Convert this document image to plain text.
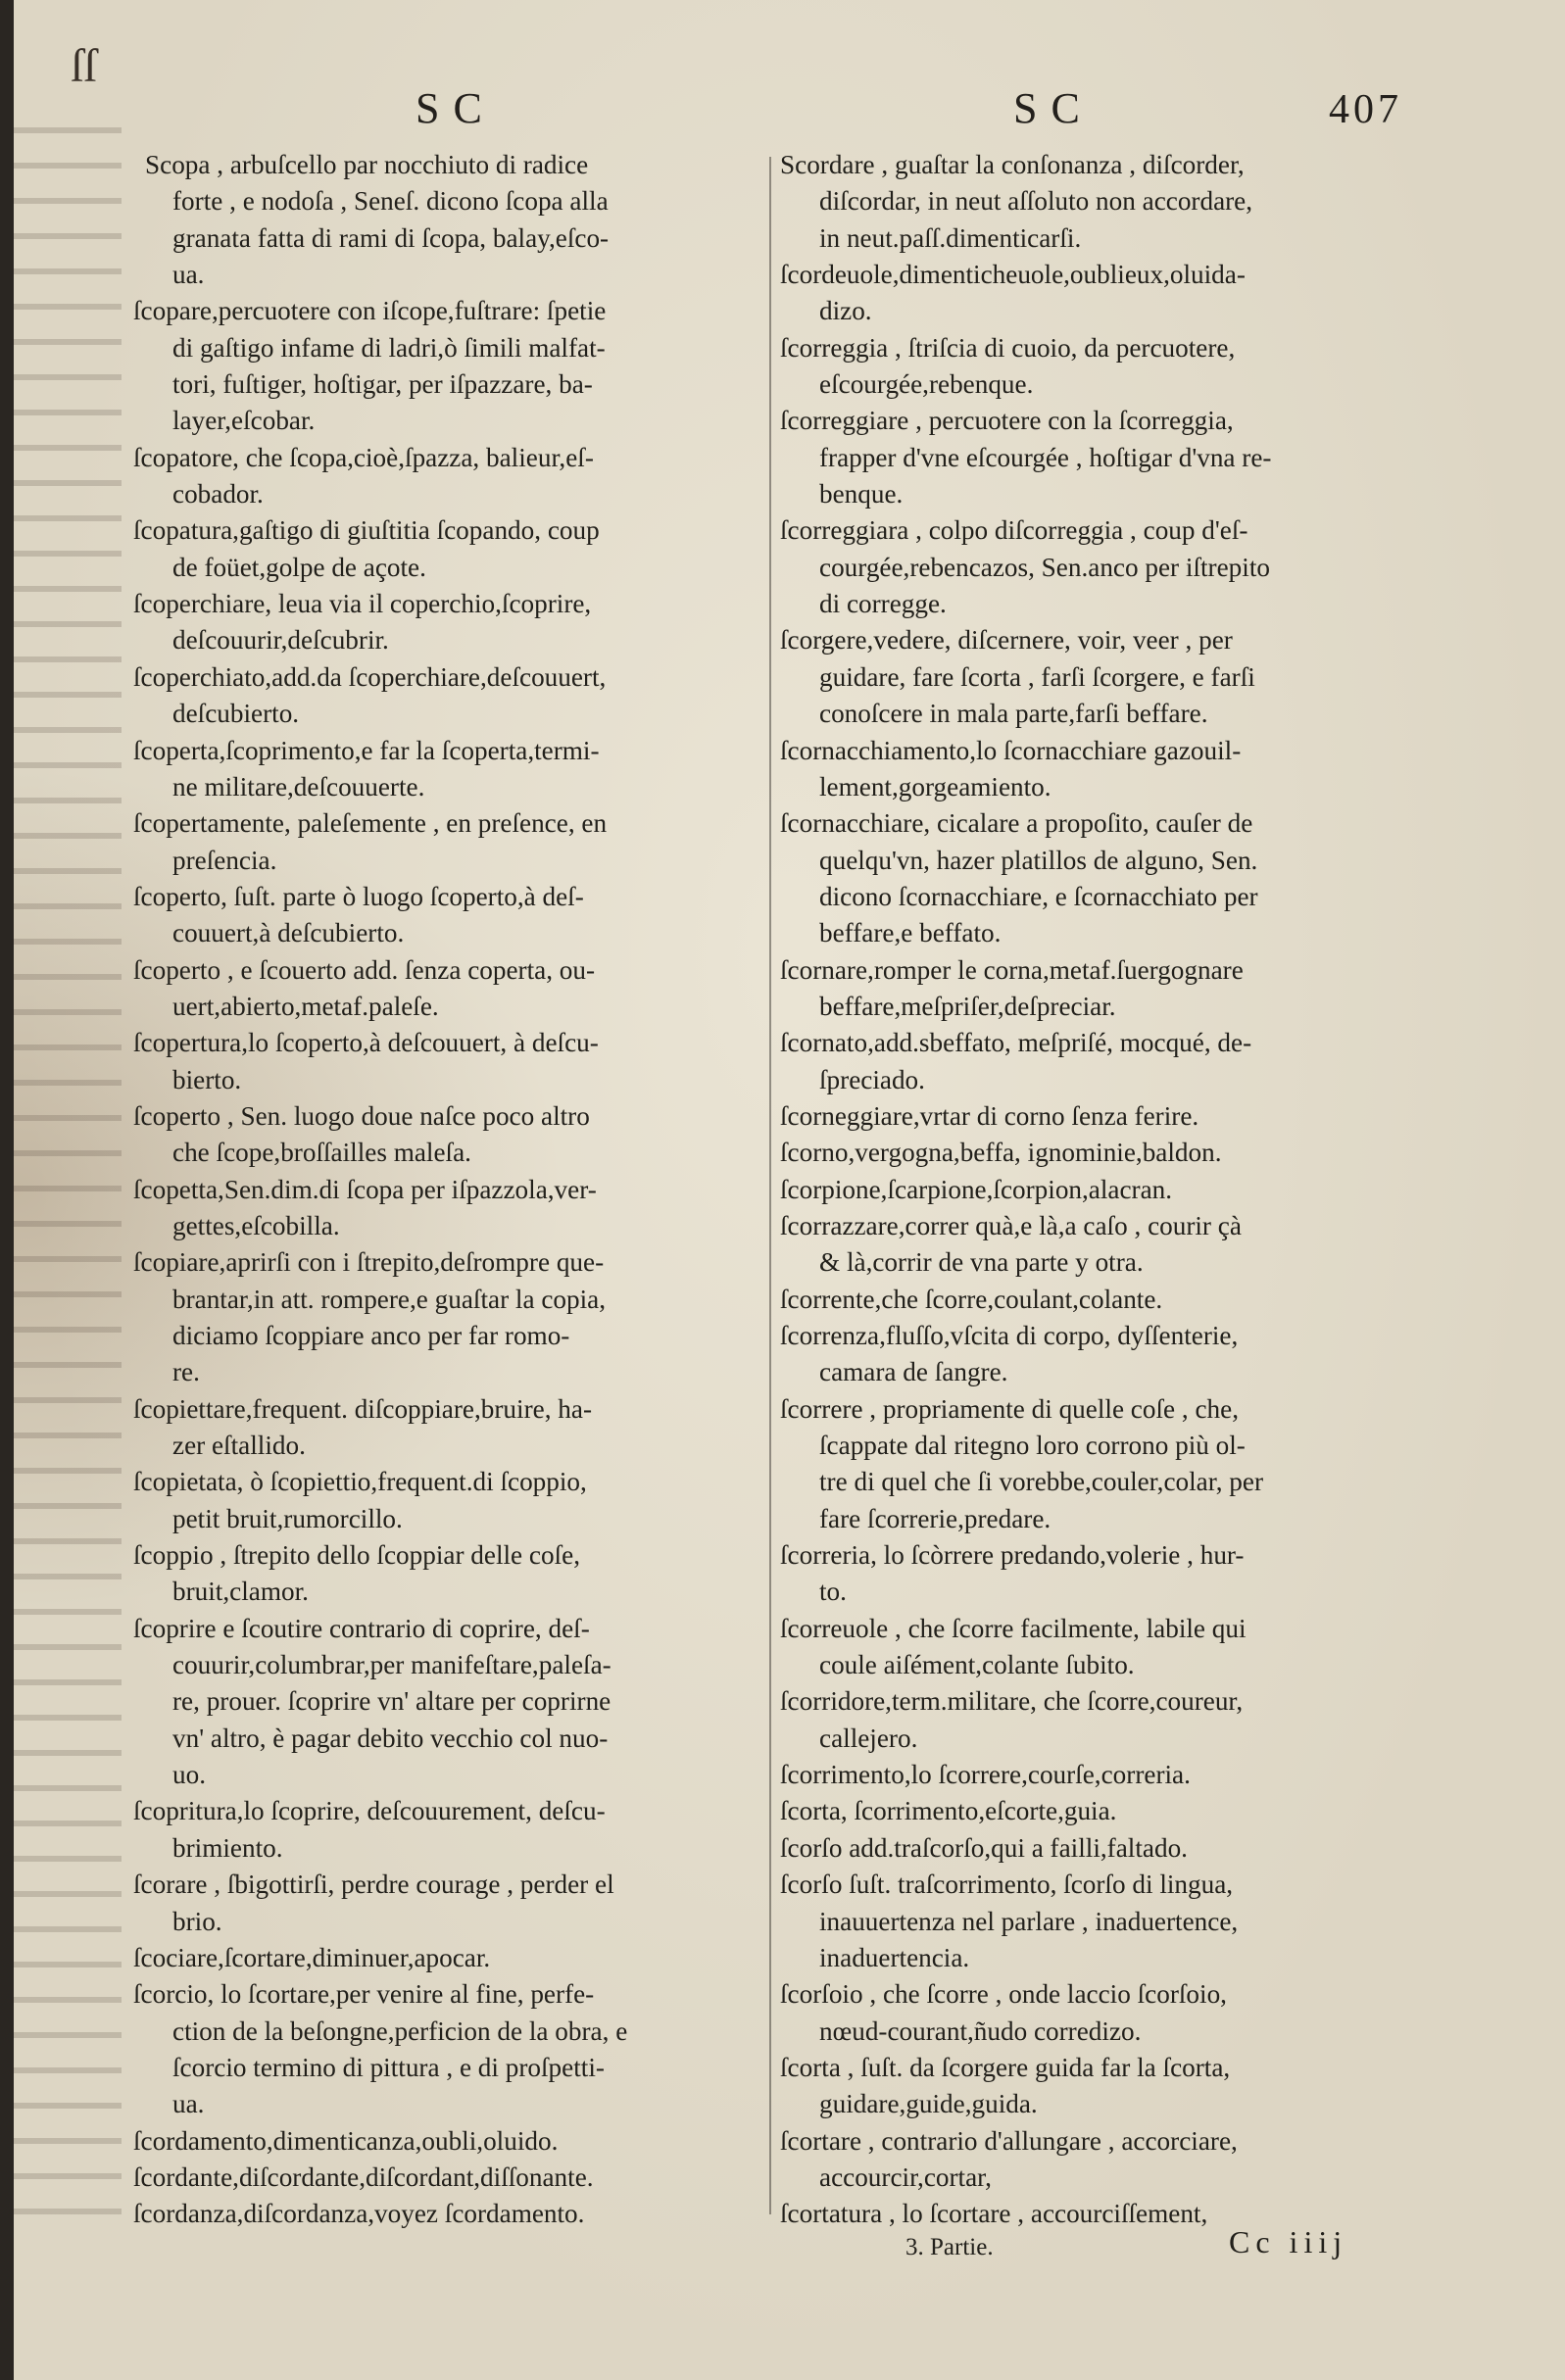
ſſ
SC	SC	407
Scopa , arbuſcello par nocchiuto di radice
forte , e nodoſa , Seneſ. dicono ſcopa alla
granata fatta di rami di ſcopa, balay,eſco-
ua.
ſcopare,percuotere con iſcope,fuſtrare: ſpetie
di gaſtigo infame di ladri,ò ſimili malfat-
tori, fuſtiger, hoſtigar, per iſpazzare, ba-
layer,eſcobar.
ſcopatore, che ſcopa,cioè,ſpazza, balieur,eſ-
cobador.
ſcopatura,gaſtigo di giuſtitia ſcopando, coup
de foüet,golpe de açote.
ſcoperchiare, leua via il coperchio,ſcoprire,
deſcouurir,deſcubrir.
ſcoperchiato,add.da ſcoperchiare,deſcouuert,
deſcubierto.
ſcoperta,ſcoprimento,e far la ſcoperta,termi-
ne militare,deſcouuerte.
ſcopertamente, paleſemente , en preſence, en
preſencia.
ſcoperto, ſuſt. parte ò luogo ſcoperto,à deſ-
couuert,à deſcubierto.
ſcoperto , e ſcouerto add. ſenza coperta, ou-
uert,abierto,metaf.paleſe.
ſcopertura,lo ſcoperto,à deſcouuert, à deſcu-
bierto.
ſcoperto , Sen. luogo doue naſce poco altro
che ſcope,broſſailles maleſa.
ſcopetta,Sen.dim.di ſcopa per iſpazzola,ver-
gettes,eſcobilla.
ſcopiare,aprirſi con i ſtrepito,deſrompre que-
brantar,in att. rompere,e guaſtar la copia,
diciamo ſcoppiare anco per far romo-
re.
ſcopiettare,frequent. diſcoppiare,bruire, ha-
zer eſtallido.
ſcopietata, ò ſcopiettio,frequent.di ſcoppio,
petit bruit,rumorcillo.
ſcoppio , ſtrepito dello ſcoppiar delle coſe,
bruit,clamor.
ſcoprire e ſcoutire contrario di coprire, deſ-
couurir,columbrar,per manifeſtare,paleſa-
re, prouer. ſcoprire vn' altare per coprirne
vn' altro, è pagar debito vecchio col nuo-
uo.
ſcopritura,lo ſcoprire, deſcouurement, deſcu-
brimiento.
ſcorare , ſbigottirſi, perdre courage , perder el
brio.
ſcociare,ſcortare,diminuer,apocar.
ſcorcio, lo ſcortare,per venire al fine, perfe-
ction de la beſongne,perficion de la obra, e
ſcorcio termino di pittura , e di proſpetti-
ua.
ſcordamento,dimenticanza,oubli,oluido.
ſcordante,diſcordante,diſcordant,diſſonante.
ſcordanza,diſcordanza,voyez ſcordamento.
Scordare , guaſtar la conſonanza , diſcorder,
diſcordar, in neut aſſoluto non accordare,
in neut.paſſ.dimenticarſi.
ſcordeuole,dimenticheuole,oublieux,oluida-
dizo.
ſcorreggia , ſtriſcia di cuoio, da percuotere,
eſcourgée,rebenque.
ſcorreggiare , percuotere con la ſcorreggia,
frapper d'vne eſcourgée , hoſtigar d'vna re-
benque.
ſcorreggiara , colpo diſcorreggia , coup d'eſ-
courgée,rebencazos, Sen.anco per iſtrepito
di corregge.
ſcorgere,vedere, diſcernere, voir, veer , per
guidare, fare ſcorta , farſi ſcorgere, e farſi
conoſcere in mala parte,farſi beffare.
ſcornacchiamento,lo ſcornacchiare gazouil-
lement,gorgeamiento.
ſcornacchiare, cicalare a propoſito, cauſer de
quelqu'vn, hazer platillos de alguno, Sen.
dicono ſcornacchiare, e ſcornacchiato per
beffare,e beffato.
ſcornare,romper le corna,metaf.ſuergognare
beffare,meſpriſer,deſpreciar.
ſcornato,add.sbeffato, meſpriſé, mocqué, de-
ſpreciado.
ſcorneggiare,vrtar di corno ſenza ferire.
ſcorno,vergogna,beffa, ignominie,baldon.
ſcorpione,ſcarpione,ſcorpion,alacran.
ſcorrazzare,correr quà,e là,a caſo , courir çà
& là,corrir de vna parte y otra.
ſcorrente,che ſcorre,coulant,colante.
ſcorrenza,fluſſo,vſcita di corpo, dyſſenterie,
camara de ſangre.
ſcorrere , propriamente di quelle coſe , che,
ſcappate dal ritegno loro corrono più ol-
tre di quel che ſi vorebbe,couler,colar, per
fare ſcorrerie,predare.
ſcorreria, lo ſcòrrere predando,volerie , hur-
to.
ſcorreuole , che ſcorre facilmente, labile qui
coule aiſément,colante ſubito.
ſcorridore,term.militare, che ſcorre,coureur,
callejero.
ſcorrimento,lo ſcorrere,courſe,correria.
ſcorta, ſcorrimento,eſcorte,guia.
ſcorſo add.traſcorſo,qui a failli,faltado.
ſcorſo ſuſt. traſcorrimento, ſcorſo di lingua,
inauuertenza nel parlare , inaduertence,
inaduertencia.
ſcorſoio , che ſcorre , onde laccio ſcorſoio,
nœud-courant,ñudo corredizo.
ſcorta , ſuſt. da ſcorgere guida far la ſcorta,
guidare,guide,guida.
ſcortare , contrario d'allungare , accorciare,
accourcir,cortar,
ſcortatura , lo ſcortare , accourciſſement,
3. Partie.	Cc iiij
